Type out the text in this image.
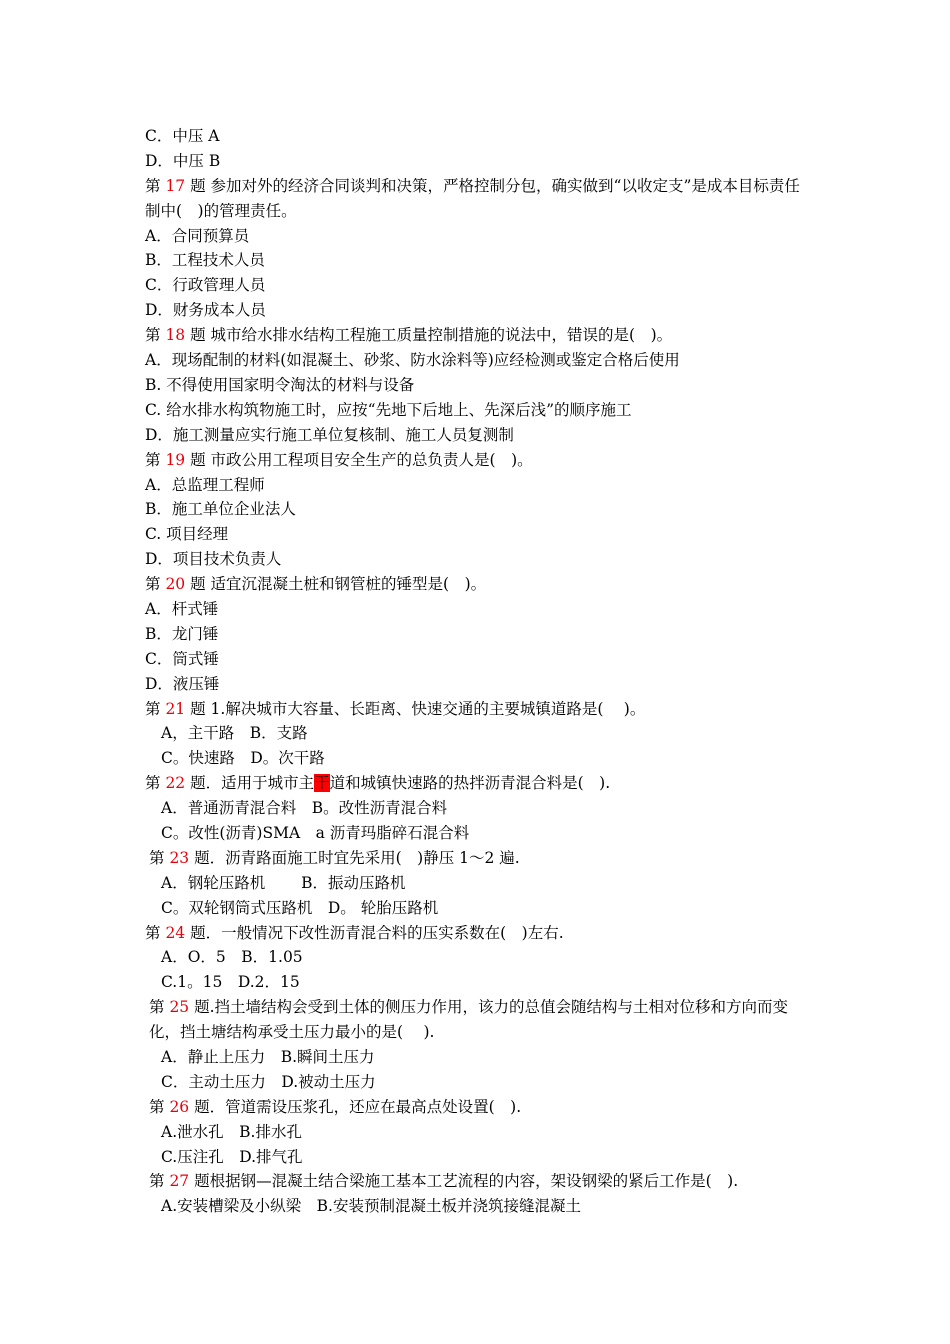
C．中压 A
D．中压 B
第 17 题 参加对外的经济合同谈判和决策，严格控制分包，确实做到“以收定支”是成本目标责任制中(　)的管理责任。
A．合同预算员
B．工程技术人员
C．行政管理人员
D．财务成本人员
第 18 题 城市给水排水结构工程施工质量控制措施的说法中，错误的是(　)。
A．现场配制的材料(如混凝土、砂浆、防水涂料等)应经检测或鉴定合格后使用
B. 不得使用国家明令淘汰的材料与设备
C. 给水排水构筑物施工时，应按“先地下后地上、先深后浅”的顺序施工
D．施工测量应实行施工单位复核制、施工人员复测制
第 19 题 市政公用工程项目安全生产的总负责人是(　)。
A．总监理工程师
B．施工单位企业法人
C. 项目经理
D．项目技术负责人
第 20 题 适宜沉混凝土桩和钢管桩的锤型是(　)。
A．杆式锤
B．龙门锤
C．筒式锤
D．液压锤
第 21 题 1.解决城市大容量、长距离、快速交通的主要城镇道路是(　 )。
A，主干路　B．支路
C。快速路　D。次干路
第 22 题．适用于城市主干道和城镇快速路的热拌沥青混合料是(　).
A．普通沥青混合料　B。改性沥青混合料
C。改性(沥青)SMA　a 沥青玛脂碎石混合料
第 23 题．沥青路面施工时宜先采用(　)静压 1～2 遍.
A．钢轮压路机　　 B．振动压路机
C。双轮钢筒式压路机　D。 轮胎压路机
第 24 题．一般情况下改性沥青混合料的压实系数在(　)左右.
A．O．5　B．1.05
C.1。15　D.2．15
第 25 题.挡土墙结构会受到土体的侧压力作用，该力的总值会随结构与土相对位移和方向而变化，挡土塘结构承受土压力最小的是(　 ).
A．静止上压力　B.瞬间土压力
C．主动土压力　D.被动土压力
第 26 题．管道需设压浆孔，还应在最高点处设置(　).
A.泄水孔　B.排水孔
C.压注孔　D.排气孔
第 27 题根据钢—混凝土结合梁施工基本工艺流程的内容，架设钢梁的紧后工作是(　).
A.安装槽梁及小纵梁　B.安装预制混凝土板并浇筑接缝混凝土
